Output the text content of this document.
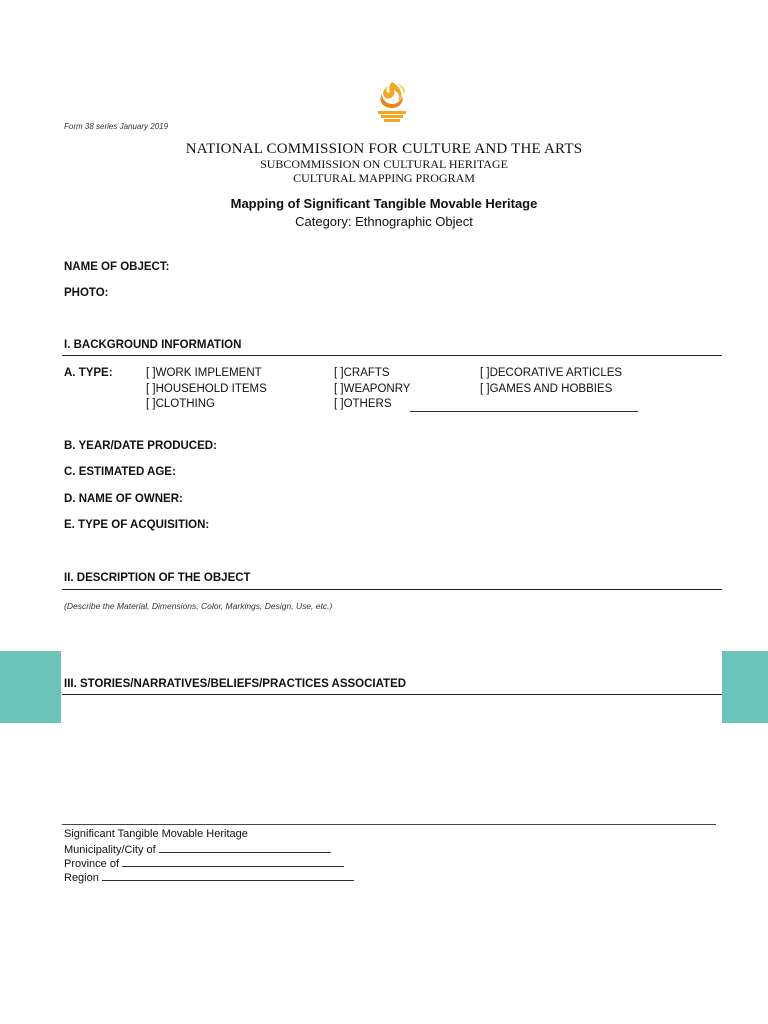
Form 38 series January 2019
NATIONAL COMMISSION FOR CULTURE AND THE ARTS
SUBCOMMISSION ON CULTURAL HERITAGE
CULTURAL MAPPING PROGRAM
Mapping of Significant Tangible Movable Heritage
Category: Ethnographic Object
NAME OF OBJECT:
PHOTO:
I. BACKGROUND INFORMATION
A. TYPE:	[ ]WORK IMPLEMENT
[ ]HOUSEHOLD ITEMS
[ ]CLOTHING
[ ]CRAFTS
[ ]WEAPONRY
[ ]OTHERS
[ ]DECORATIVE ARTICLES
[ ]GAMES AND HOBBIES
B. YEAR/DATE PRODUCED:
C. ESTIMATED AGE:
D. NAME OF OWNER:
E. TYPE OF ACQUISITION:
II. DESCRIPTION OF THE OBJECT
(Describe the Material, Dimensions, Color, Markings, Design, Use, etc.)
III. STORIES/NARRATIVES/BELIEFS/PRACTICES ASSOCIATED
Significant Tangible Movable Heritage
Municipality/City of
Province of
Region
